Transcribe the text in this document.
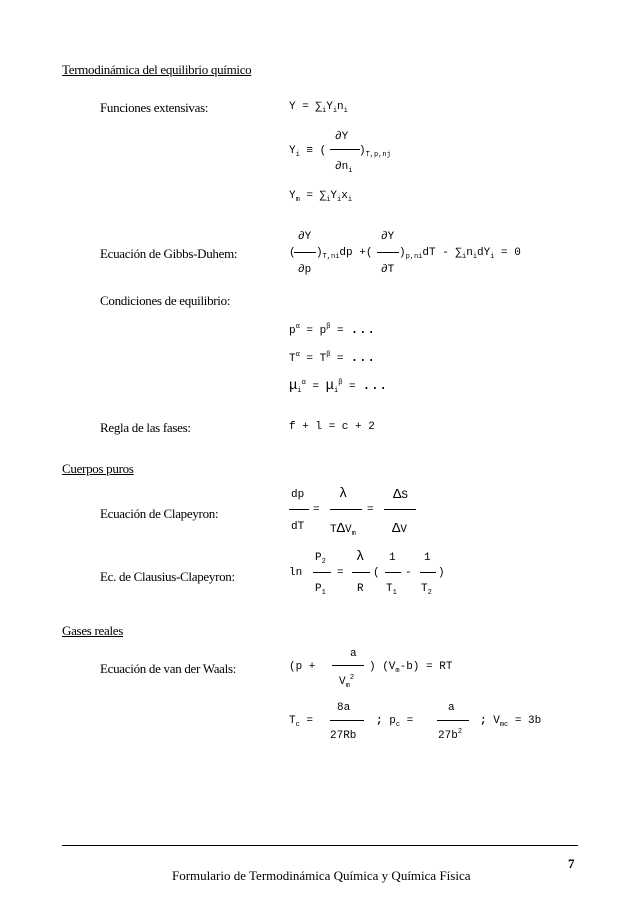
Termodinámica del equilibrio químico
Funciones extensivas:	$Y = \sum_iY_in_i$
∂Y
$Y_i$ ≡ (	)$_{T,p,nj}$
$\partial n_i$
$Y_m = \sum_iY_ix_i$
Ecuación de Gibbs-Duhem:
∂Y	∂Y
( )$_{T,ni}dp$ +( )$_{p,ni}dT - \sum_in_idY_i = 0$
∂p	∂T
Condiciones de equilibrio:
$p^\alpha = p^\beta$ = ...
$T^\alpha = T^\beta$ = ...
$\mu_i^\alpha = \mu_i^\beta$ = ...
Regla de las fases:	f + l = c + 2
Cuerpos puros
Ecuación de Clapeyron:
dp λ	ΔS
=	=
dT $T\Delta V_m$	ΔV
Ec. de Clausius-Clapeyron:
$P_2$ λ 1	1
ln	=	( - )
$P_1$	R $T_1$ $T_2$
Gases reales
Ecuación de van der Waals:
a
(p +	) $(V_m-b)$ = RT
$V_m^2$
8a	a
$T_c$ =	; $p_c$ =	; $V_{mc} = 3b$
27Rb	$27b^2$
Formulario de Termodinámica Química y Química Física
7
